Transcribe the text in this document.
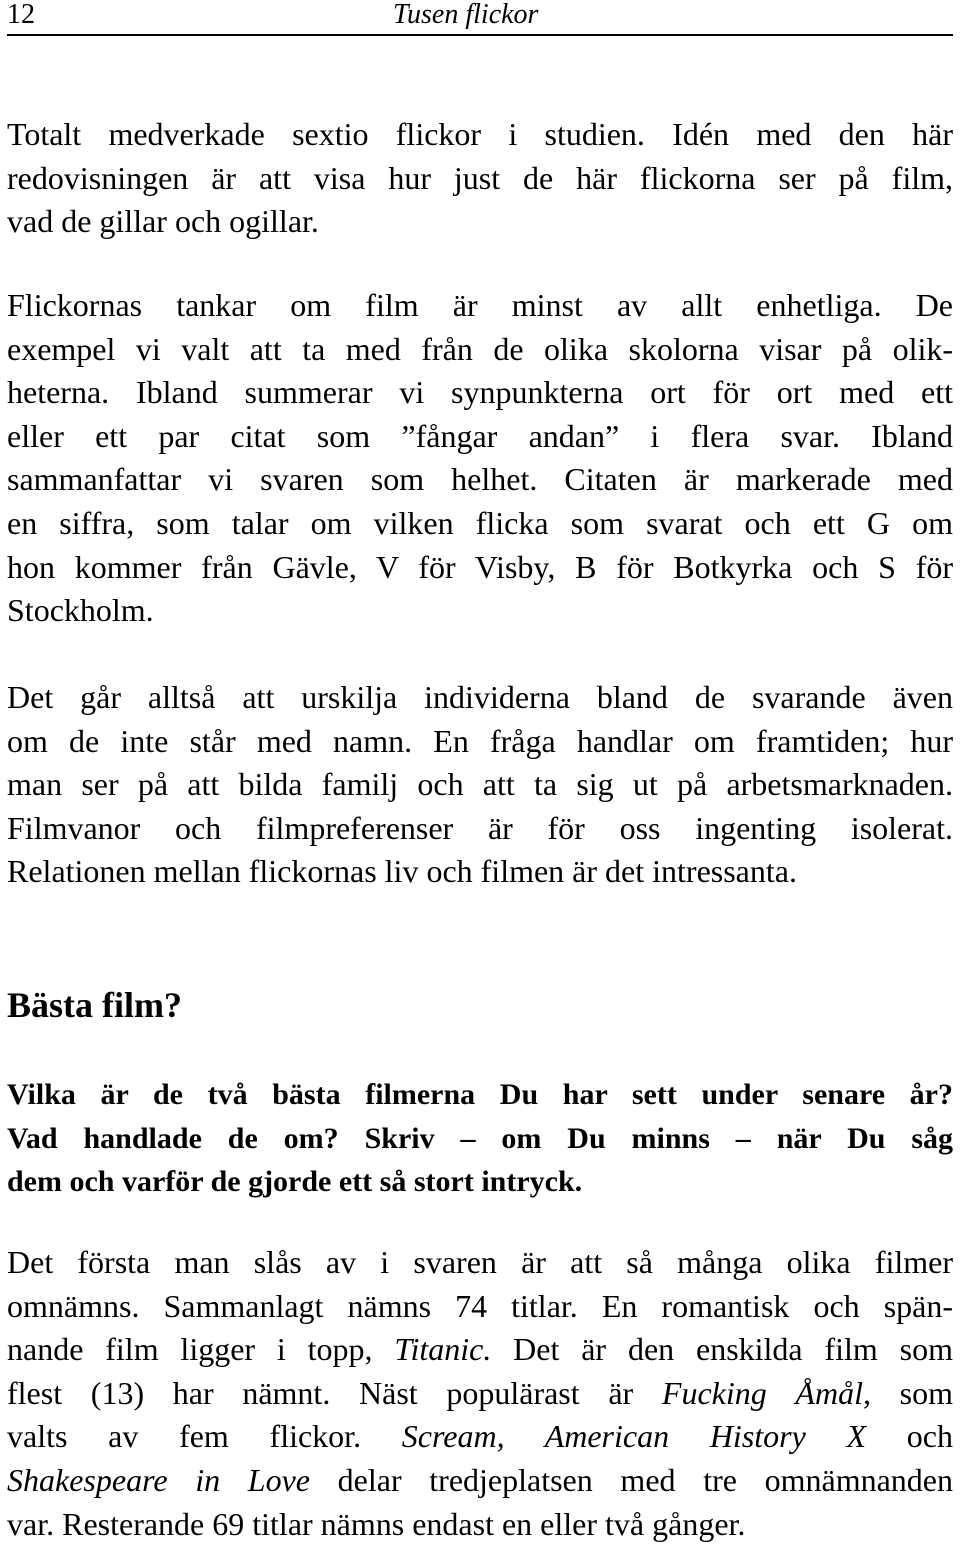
12	Tusen flickor

Totalt medverkade sextio flickor i studien. Idén med den här
redovisningen är att visa hur just de här flickorna ser på film,
vad de gillar och ogillar.

Flickornas tankar om film är minst av allt enhetliga. De
exempel vi valt att ta med från de olika skolorna visar på olik-
heterna. Ibland summerar vi synpunkterna ort för ort med ett
eller ett par citat som ”fångar andan” i flera svar. Ibland
sammanfattar vi svaren som helhet. Citaten är markerade med
en siffra, som talar om vilken flicka som svarat och ett G om
hon kommer från Gävle, V för Visby, B för Botkyrka och S för
Stockholm.

Det går alltså att urskilja individerna bland de svarande även
om de inte står med namn. En fråga handlar om framtiden; hur
man ser på att bilda familj och att ta sig ut på arbetsmarknaden.
Filmvanor och filmpreferenser är för oss ingenting isolerat.
Relationen mellan flickornas liv och filmen är det intressanta.

Bästa film?

Vilka är de två bästa filmerna Du har sett under senare år?
Vad handlade de om? Skriv – om Du minns – när Du såg
dem och varför de gjorde ett så stort intryck.

Det första man slås av i svaren är att så många olika filmer
omnämns. Sammanlagt nämns 74 titlar. En romantisk och spän-
nande film ligger i topp, Titanic. Det är den enskilda film som
flest (13) har nämnt. Näst populärast är Fucking Åmål, som
valts av fem flickor. Scream, American History X och
Shakespeare in Love delar tredjeplatsen med tre omnämnanden
var. Resterande 69 titlar nämns endast en eller två gånger.
